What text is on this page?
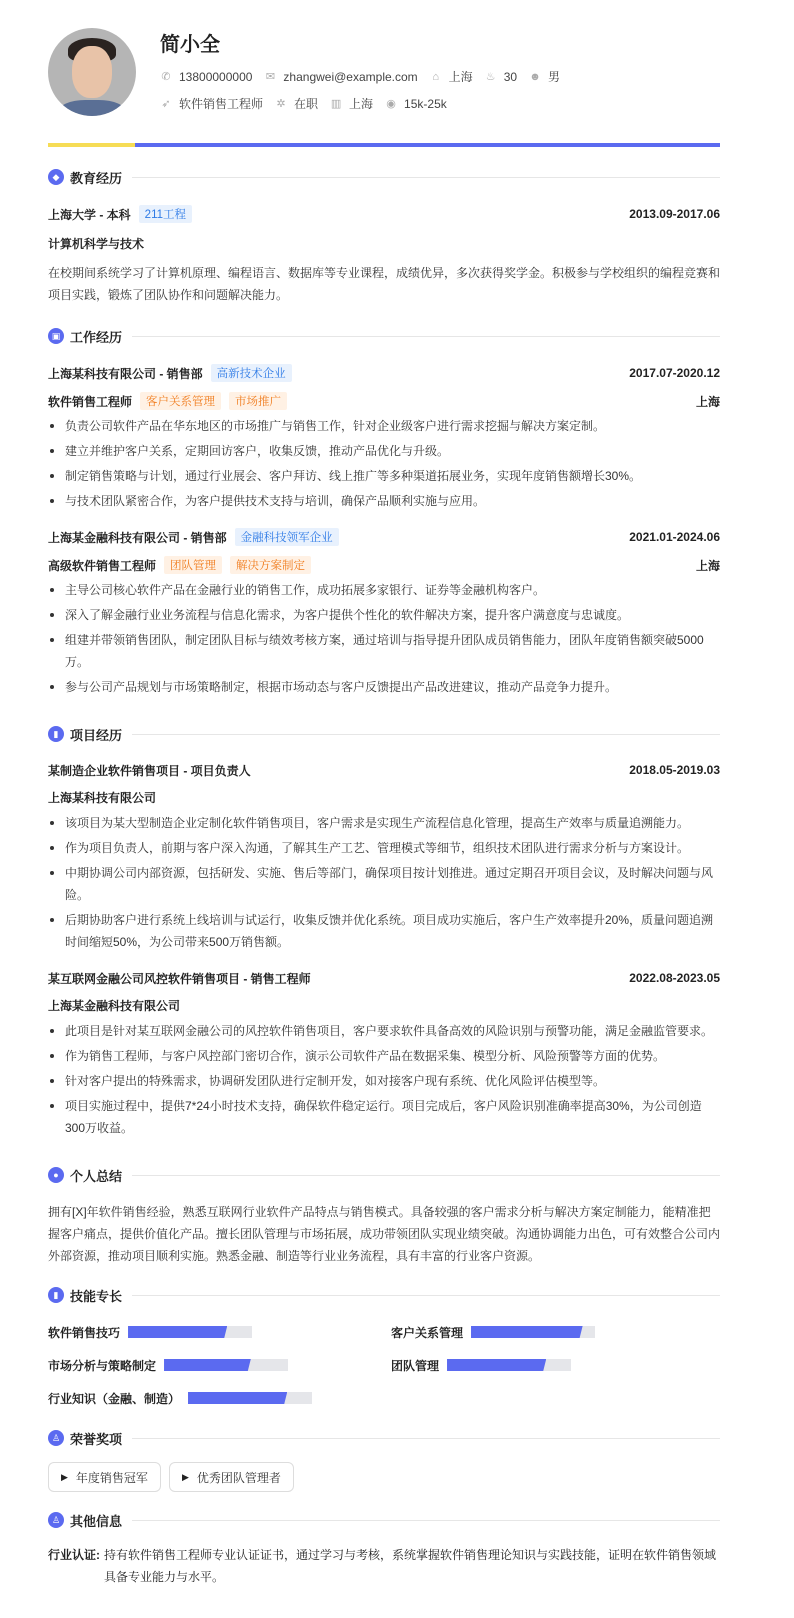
简小全
✆ 13800000000 ✉ zhangwei@example.com ⌂ 上海 ♨ 30 ☻ 男
➶ 软件销售工程师 ✲ 在职 ▥ 上海 ◉ 15k-25k
◆ 教育经历
上海大学 - 本科	211工程	2013.09-2017.06
计算机科学与技术
在校期间系统学习了计算机原理、编程语言、数据库等专业课程，成绩优异，多次获得奖学金。积极参与学校组织的编程竞赛和项目实践，锻炼了团队协作和问题解决能力。
▣ 工作经历
上海某科技有限公司 - 销售部	高新技术企业	2017.07-2020.12
软件销售工程师	客户关系管理	市场推广	上海
负责公司软件产品在华东地区的市场推广与销售工作，针对企业级客户进行需求挖掘与解决方案定制。
建立并维护客户关系，定期回访客户，收集反馈，推动产品优化与升级。
制定销售策略与计划，通过行业展会、客户拜访、线上推广等多种渠道拓展业务，实现年度销售额增长30%。
与技术团队紧密合作，为客户提供技术支持与培训，确保产品顺利实施与应用。
上海某金融科技有限公司 - 销售部	金融科技领军企业	2021.01-2024.06
高级软件销售工程师	团队管理	解决方案制定	上海
主导公司核心软件产品在金融行业的销售工作，成功拓展多家银行、证券等金融机构客户。
深入了解金融行业业务流程与信息化需求，为客户提供个性化的软件解决方案，提升客户满意度与忠诚度。
组建并带领销售团队，制定团队目标与绩效考核方案，通过培训与指导提升团队成员销售能力，团队年度销售额突破5000万。
参与公司产品规划与市场策略制定，根据市场动态与客户反馈提出产品改进建议，推动产品竞争力提升。
▮ 项目经历
某制造企业软件销售项目 - 项目负责人	2018.05-2019.03
上海某科技有限公司
该项目为某大型制造企业定制化软件销售项目，客户需求是实现生产流程信息化管理，提高生产效率与质量追溯能力。
作为项目负责人，前期与客户深入沟通，了解其生产工艺、管理模式等细节，组织技术团队进行需求分析与方案设计。
中期协调公司内部资源，包括研发、实施、售后等部门，确保项目按计划推进。通过定期召开项目会议，及时解决问题与风险。
后期协助客户进行系统上线培训与试运行，收集反馈并优化系统。项目成功实施后，客户生产效率提升20%，质量问题追溯时间缩短50%，为公司带来500万销售额。
某互联网金融公司风控软件销售项目 - 销售工程师	2022.08-2023.05
上海某金融科技有限公司
此项目是针对某互联网金融公司的风控软件销售项目，客户要求软件具备高效的风险识别与预警功能，满足金融监管要求。
作为销售工程师，与客户风控部门密切合作，演示公司软件产品在数据采集、模型分析、风险预警等方面的优势。
针对客户提出的特殊需求，协调研发团队进行定制开发，如对接客户现有系统、优化风险评估模型等。
项目实施过程中，提供7*24小时技术支持，确保软件稳定运行。项目完成后，客户风险识别准确率提高30%，为公司创造300万收益。
● 个人总结
拥有[X]年软件销售经验，熟悉互联网行业软件产品特点与销售模式。具备较强的客户需求分析与解决方案定制能力，能精准把握客户痛点，提供价值化产品。擅长团队管理与市场拓展，成功带领团队实现业绩突破。沟通协调能力出色，可有效整合公司内外部资源，推动项目顺利实施。熟悉金融、制造等行业业务流程，具有丰富的行业客户资源。
▮ 技能专长
软件销售技巧	客户关系管理
市场分析与策略制定	团队管理
行业知识（金融、制造）
♙ 荣誉奖项
▶ 年度销售冠军	▶ 优秀团队管理者
♙ 其他信息
行业认证: 持有软件销售工程师专业认证证书，通过学习与考核，系统掌握软件销售理论知识与实践技能，证明在软件销售领域具备专业能力与水平。
